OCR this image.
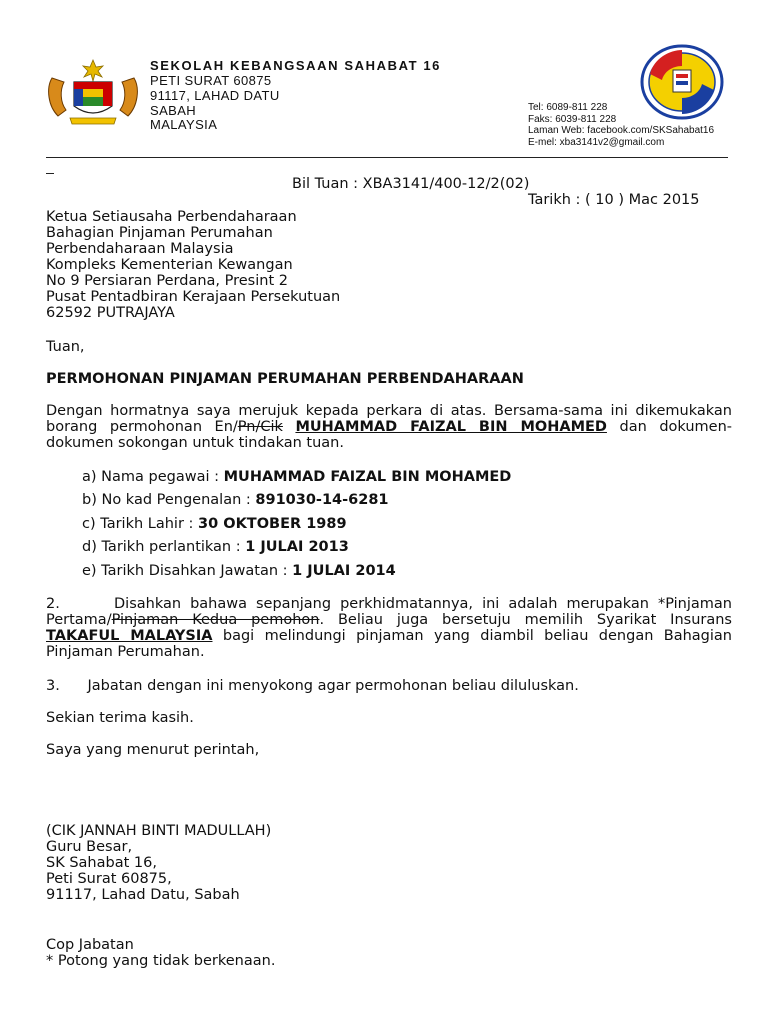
SEKOLAH KEBANGSAAN SAHABAT 16
PETI SURAT 60875
91117, LAHAD DATU
SABAH
MALAYSIA
Tel: 6089-811 228
Faks: 6039-811 228
Laman Web: facebook.com/SKSahabat16
E-mel: xba3141v2@gmail.com
Bil Tuan : XBA3141/400-12/2(02)
Tarikh : ( 10 ) Mac 2015
Ketua Setiausaha Perbendaharaan
Bahagian Pinjaman Perumahan
Perbendaharaan Malaysia
Kompleks Kementerian Kewangan
No 9 Persiaran Perdana, Presint 2
Pusat Pentadbiran Kerajaan Persekutuan
62592 PUTRAJAYA
Tuan,
PERMOHONAN PINJAMAN PERUMAHAN PERBENDAHARAAN
Dengan hormatnya saya merujuk kepada perkara di atas. Bersama-sama ini dikemukakan
borang permohonan En/Pn/Cik MUHAMMAD FAIZAL BIN MOHAMED dan dokumen-
dokumen sokongan untuk tindakan tuan.
a) Nama pegawai : MUHAMMAD FAIZAL BIN MOHAMED
b) No kad Pengenalan : 891030-14-6281
c) Tarikh Lahir : 30 OKTOBER 1989
d) Tarikh perlantikan : 1 JULAI 2013
e) Tarikh Disahkan Jawatan : 1 JULAI 2014
2.      Disahkan bahawa sepanjang perkhidmatannya, ini adalah merupakan *Pinjaman
Pertama/Pinjaman Kedua pemohon. Beliau juga bersetuju memilih Syarikat Insurans
TAKAFUL MALAYSIA bagi melindungi pinjaman yang diambil beliau dengan Bahagian
Pinjaman Perumahan.
3.      Jabatan dengan ini menyokong agar permohonan beliau diluluskan.
Sekian terima kasih.
Saya yang menurut perintah,
(CIK JANNAH BINTI MADULLAH)
Guru Besar,
SK Sahabat 16,
Peti Surat 60875,
91117, Lahad Datu, Sabah
Cop Jabatan
* Potong yang tidak berkenaan.
